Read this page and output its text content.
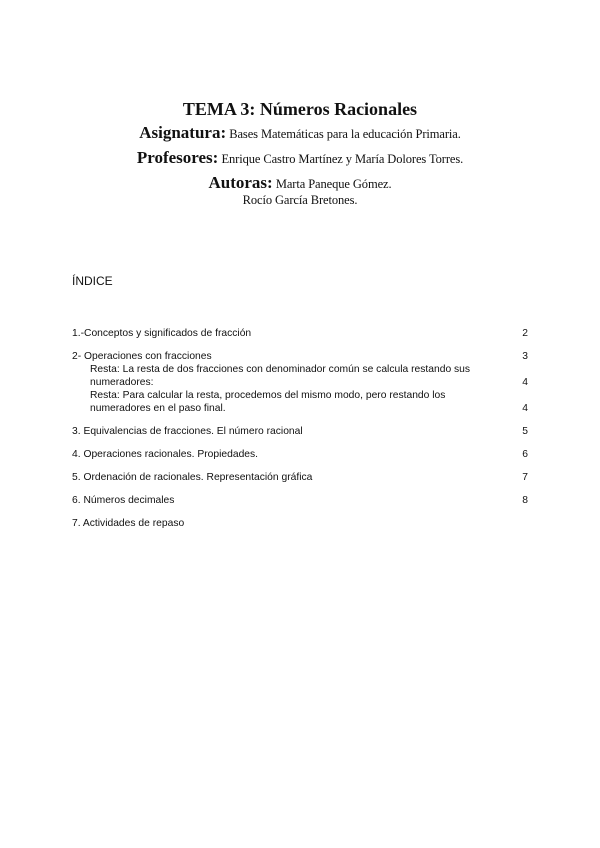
TEMA 3: Números Racionales

Asignatura: Bases Matemáticas para la educación Primaria.

Profesores: Enrique Castro Martínez y María Dolores Torres.

Autoras: Marta Paneque Gómez.

Rocío García Bretones.

ÍNDICE

1.-Conceptos y significados de fracción	2
2- Operaciones con fracciones	3
Resta: La resta de dos fracciones con denominador común se calcula restando sus numeradores:	4
Resta: Para calcular la resta, procedemos del mismo modo, pero restando los numeradores en el paso final.	4
3. Equivalencias de fracciones. El número racional	5
4. Operaciones racionales. Propiedades.	6
5. Ordenación de racionales. Representación gráfica	7
6. Números decimales	8
7. Actividades de repaso
